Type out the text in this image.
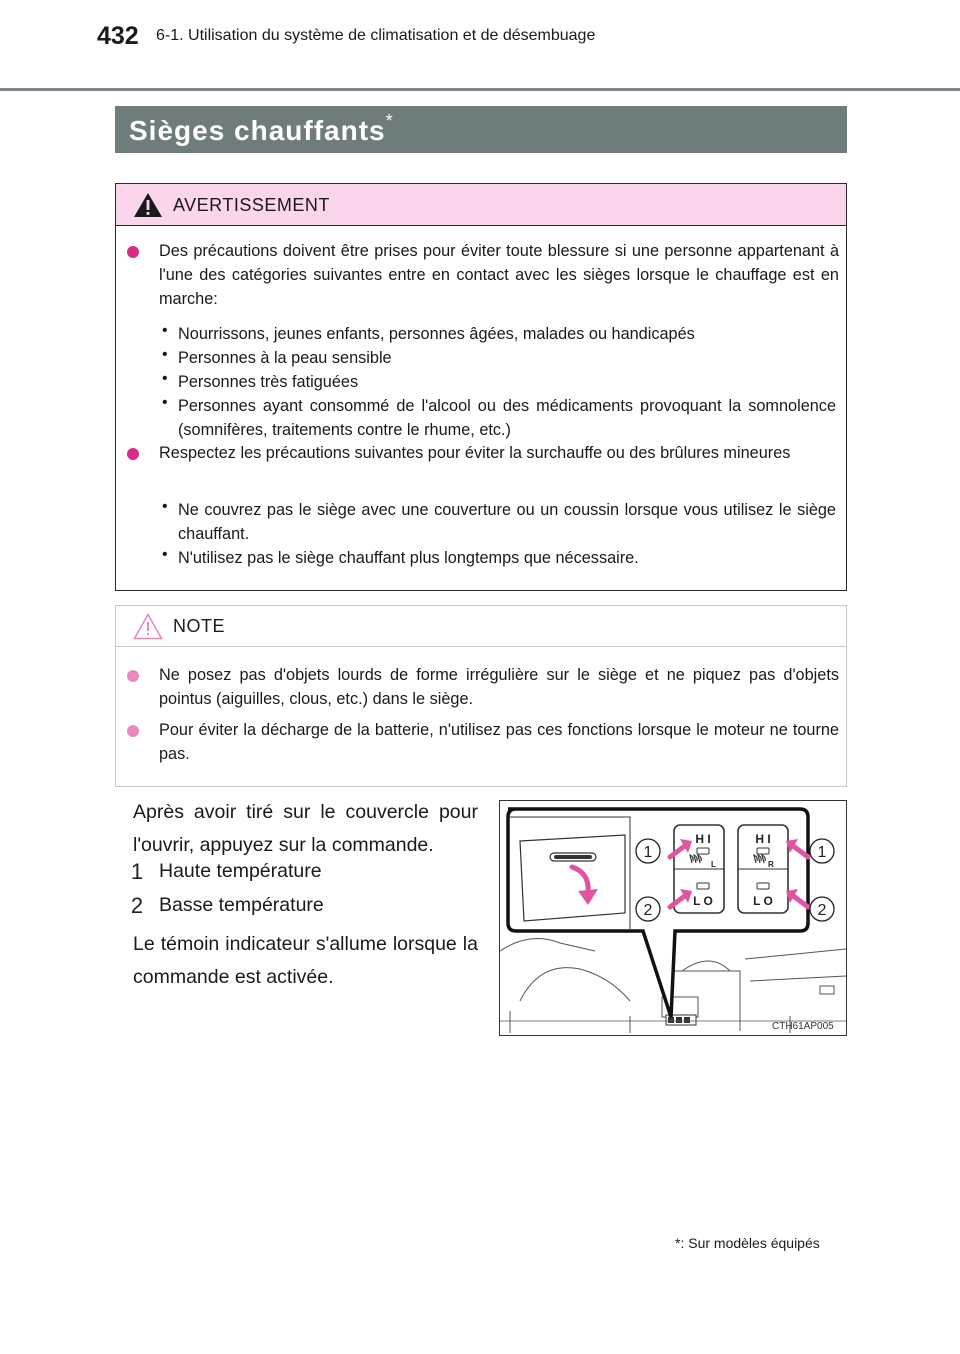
432 6-1. Utilisation du système de climatisation et de désembuage
Sièges chauffants*
AVERTISSEMENT
Des précautions doivent être prises pour éviter toute blessure si une personne appartenant à l'une des catégories suivantes entre en contact avec les sièges lorsque le chauffage est en marche:
• Nourrissons, jeunes enfants, personnes âgées, malades ou handicapés
• Personnes à la peau sensible
• Personnes très fatiguées
• Personnes ayant consommé de l'alcool ou des médicaments provoquant la somnolence (somnifères, traitements contre le rhume, etc.)
Respectez les précautions suivantes pour éviter la surchauffe ou des brûlures mineures
• Ne couvrez pas le siège avec une couverture ou un coussin lorsque vous utilisez le siège chauffant.
• N'utilisez pas le siège chauffant plus longtemps que nécessaire.
NOTE
Ne posez pas d'objets lourds de forme irrégulière sur le siège et ne piquez pas d'objets pointus (aiguilles, clous, etc.) dans le siège.
Pour éviter la décharge de la batterie, n'utilisez pas ces fonctions lorsque le moteur ne tourne pas.
Après avoir tiré sur le couvercle pour l'ouvrir, appuyez sur la commande.
1 Haute température
2 Basse température
Le témoin indicateur s'allume lorsque la commande est activée.
H I
L
L O
H I
R
L O
1
2
1
2
CTH61AP005
*: Sur modèles équipés
